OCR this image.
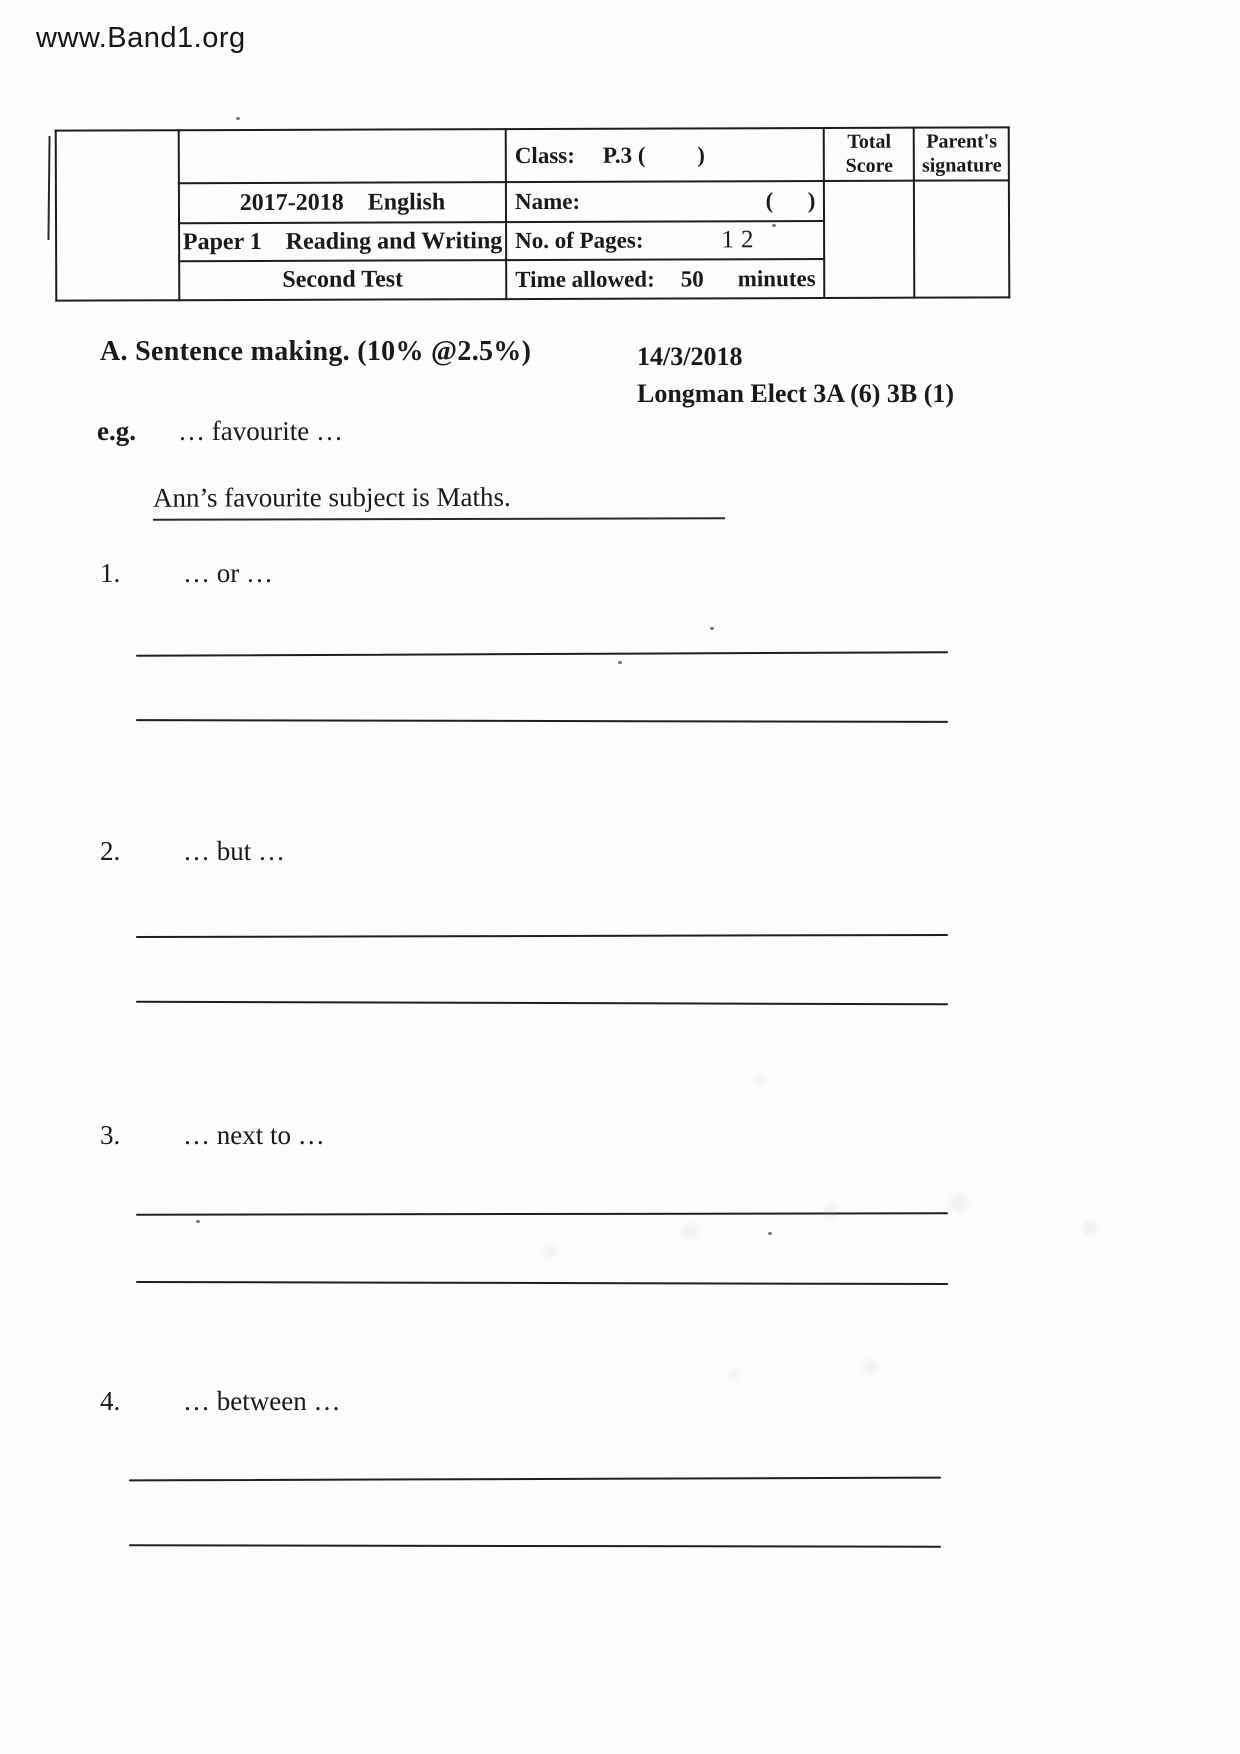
www.Band1.org
		Class: P.3 (         )	Total Score	Parent's signature
	2017-2018    English	Name: (      )		

	Paper 1    Reading and Writing	No. of Pages: 12		
	Second Test	Time allowed: 50 minutes		
A. Sentence making. (10% @2.5%)	14/3/2018
Longman Elect 3A (6) 3B (1)
e.g. … favourite …
Ann’s favourite subject is Maths.
1. … or …
2. … but …
3. … next to …
4. … between …
